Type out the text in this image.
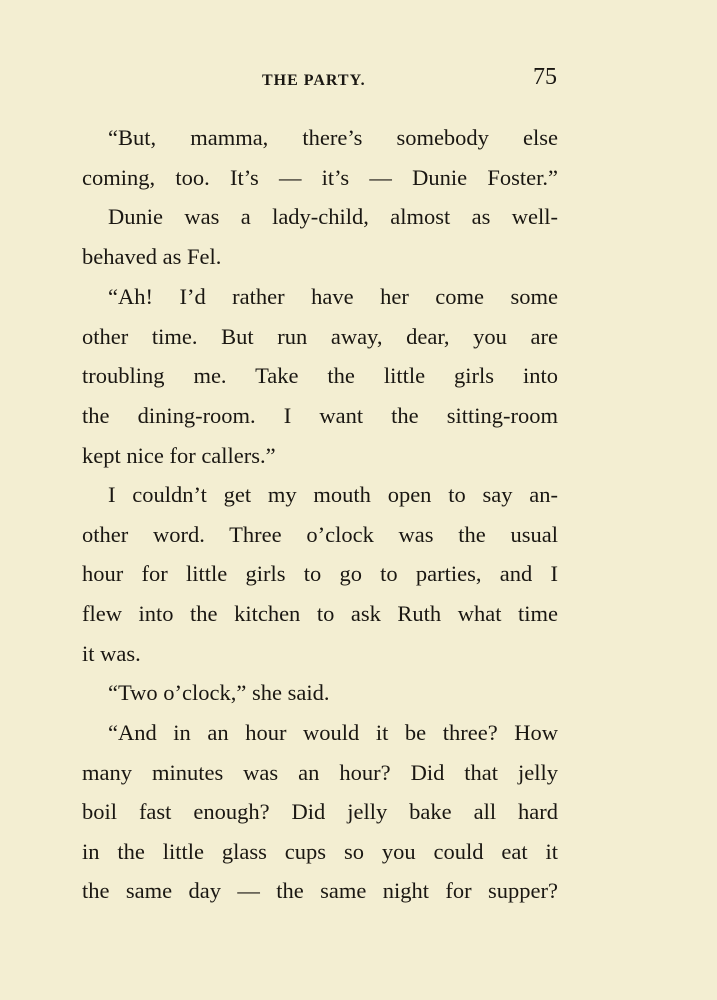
THE PARTY.	75
“But, mamma, there’s somebody else
coming, too. It’s — it’s — Dunie Foster.”
Dunie was a lady-child, almost as well-
behaved as Fel.
“Ah! I’d rather have her come some
other time. But run away, dear, you are
troubling me. Take the little girls into
the dining-room. I want the sitting-room
kept nice for callers.”
I couldn’t get my mouth open to say an-
other word. Three o’clock was the usual
hour for little girls to go to parties, and I
flew into the kitchen to ask Ruth what time
it was.
“Two o’clock,” she said.
“And in an hour would it be three? How
many minutes was an hour? Did that jelly
boil fast enough? Did jelly bake all hard
in the little glass cups so you could eat it
the same day — the same night for supper?
